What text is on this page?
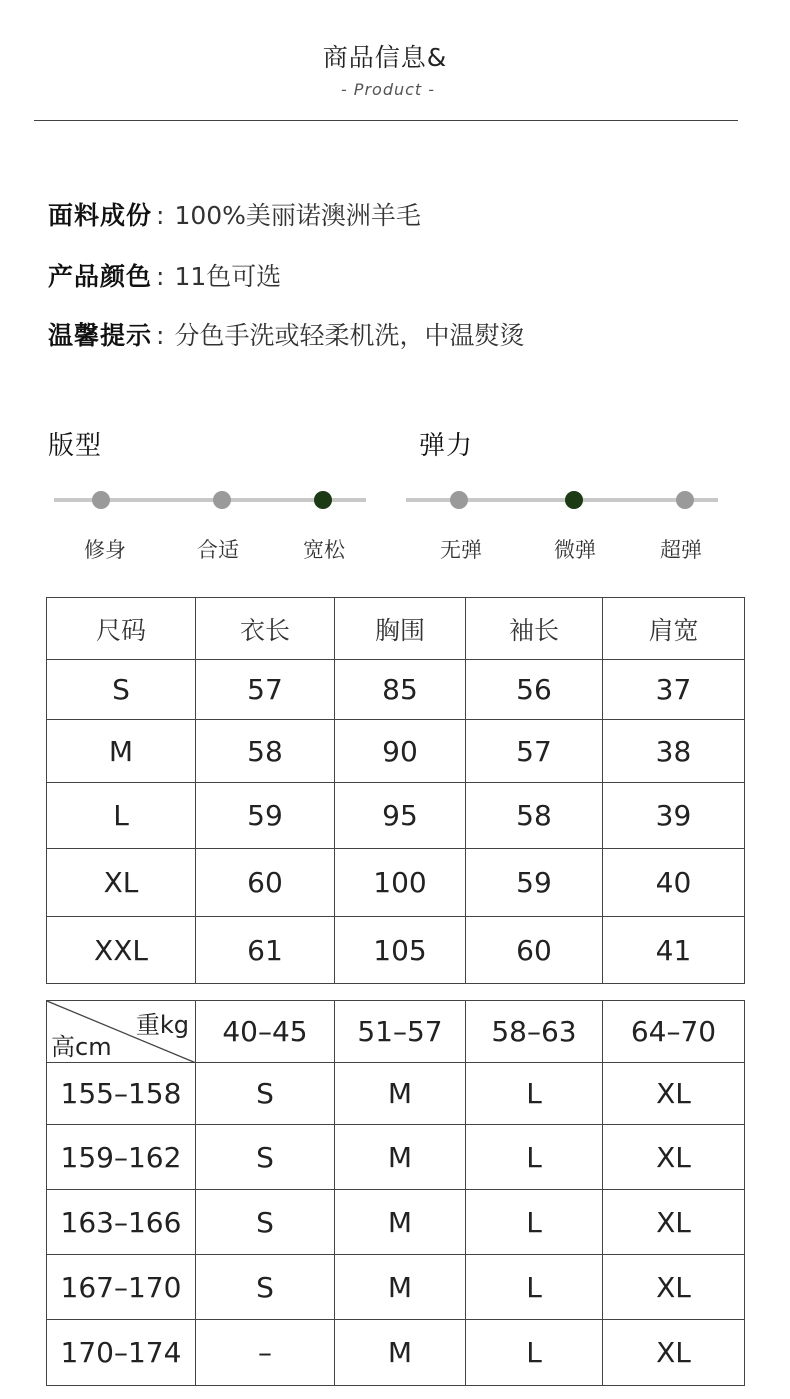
商品信息&
- Product -
面料成份 : 100%美丽诺澳洲羊毛
产品颜色 : 11色可选
温馨提示 : 分色手洗或轻柔机洗，中温熨烫
版型
修身	合适	宽松
弹力
无弹	微弹	超弹
尺码	衣长	胸围	袖长	肩宽
S	57	85	56	37
M	58	90	57	38
L	59	95	58	39
XL	60	100	59	40
XXL	61	105	60	41
重kg
高cm	40–45	51–57	58–63	64–70
155–158	S	M	L	XL
159–162	S	M	L	XL
163–166	S	M	L	XL
167–170	S	M	L	XL
170–174	–	M	L	XL
